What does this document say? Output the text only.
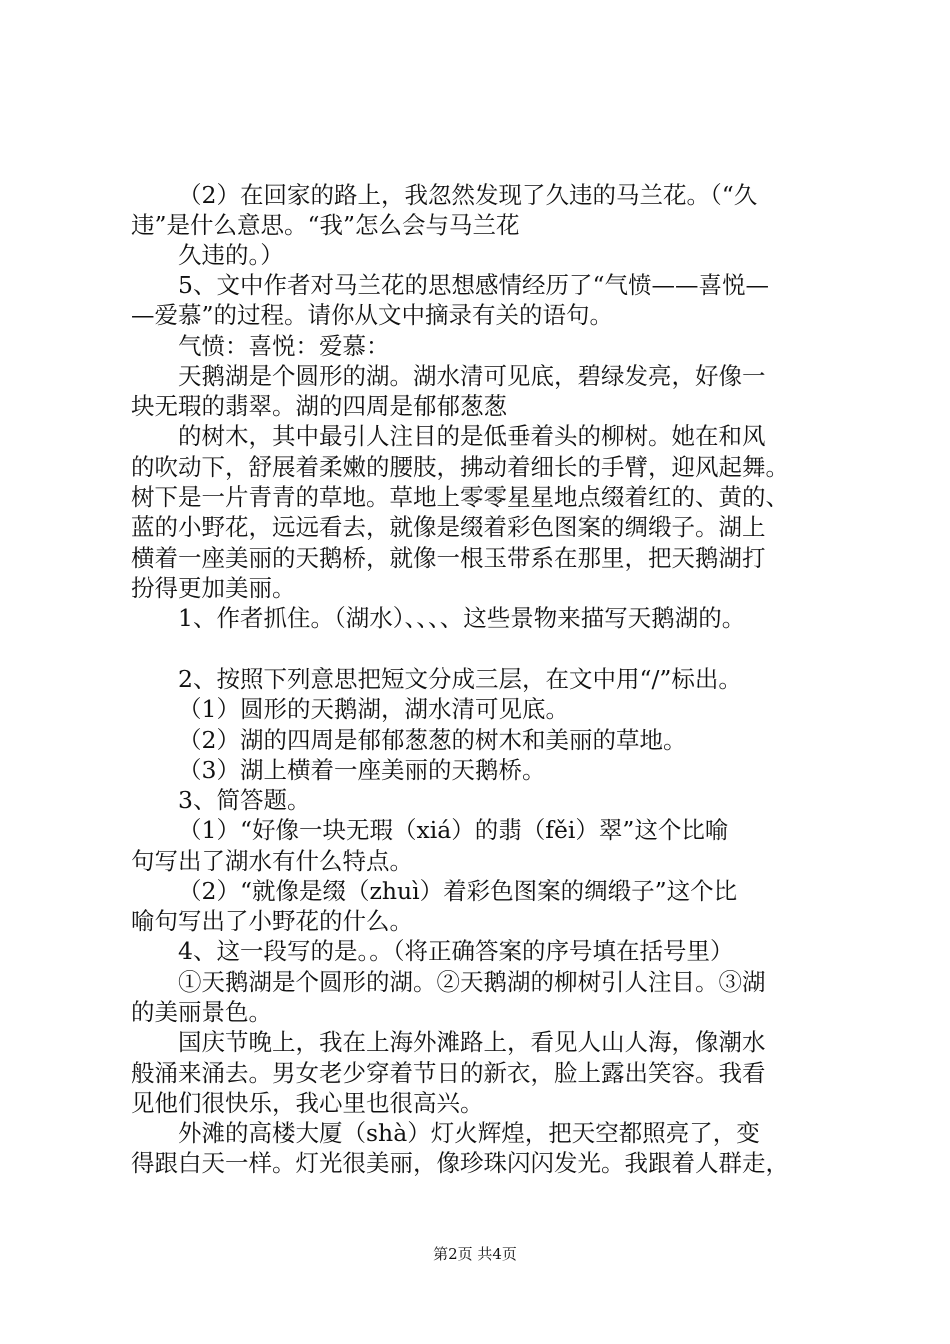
（2）在回家的路上，我忽然发现了久违的马兰花。（“久

违”是什么意思。“我”怎么会与马兰花

久违的。）

5、文中作者对马兰花的思想感情经历了“气愤——喜悦—

—爱慕”的过程。请你从文中摘录有关的语句。

气愤：喜悦：爱慕：

天鹅湖是个圆形的湖。湖水清可见底，碧绿发亮，好像一

块无瑕的翡翠。湖的四周是郁郁葱葱

的树木，其中最引人注目的是低垂着头的柳树。她在和风

的吹动下，舒展着柔嫩的腰肢，拂动着细长的手臂，迎风起舞。

树下是一片青青的草地。草地上零零星星地点缀着红的、黄的、

蓝的小野花，远远看去，就像是缀着彩色图案的绸缎子。湖上

横着一座美丽的天鹅桥，就像一根玉带系在那里，把天鹅湖打

扮得更加美丽。

1、作者抓住。（湖水）、、、、这些景物来描写天鹅湖的。

2、按照下列意思把短文分成三层，在文中用“/”标出。

（1）圆形的天鹅湖，湖水清可见底。

（2）湖的四周是郁郁葱葱的树木和美丽的草地。

（3）湖上横着一座美丽的天鹅桥。

3、简答题。

（1）“好像一块无瑕（xiá）的翡（fěi）翠”这个比喻

句写出了湖水有什么特点。

（2）“就像是缀（zhuì）着彩色图案的绸缎子”这个比

喻句写出了小野花的什么。

4、这一段写的是。。（将正确答案的序号填在括号里）

①天鹅湖是个圆形的湖。②天鹅湖的柳树引人注目。③湖

的美丽景色。

国庆节晚上，我在上海外滩路上，看见人山人海，像潮水

般涌来涌去。男女老少穿着节日的新衣，脸上露出笑容。我看

见他们很快乐，我心里也很高兴。

外滩的高楼大厦（shà）灯火辉煌，把天空都照亮了，变

得跟白天一样。灯光很美丽，像珍珠闪闪发光。我跟着人群走，

第2页 共4页
